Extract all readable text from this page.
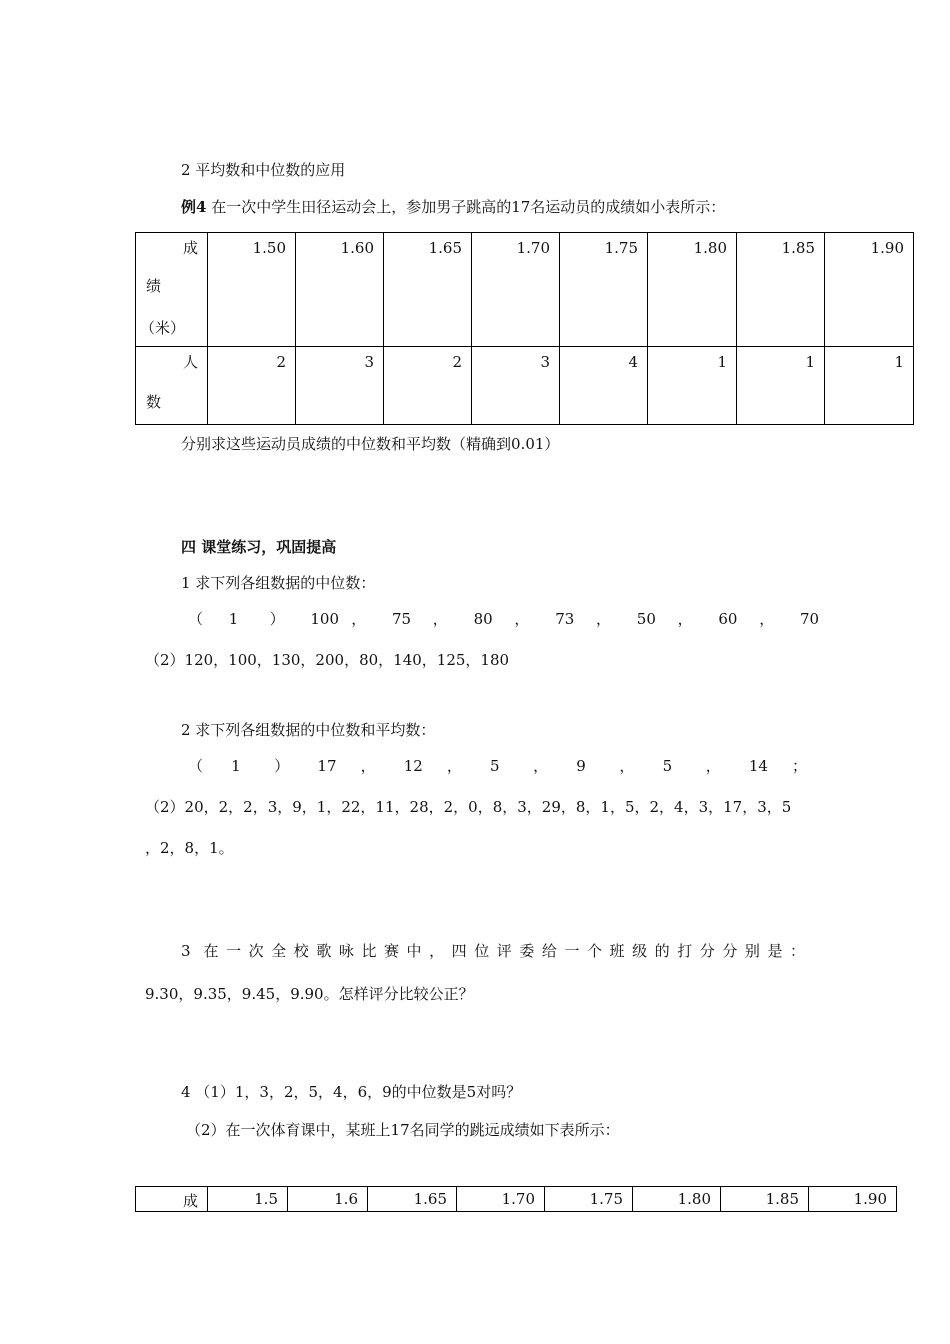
2 平均数和中位数的应用
例4 在一次中学生田径运动会上，参加男子跳高的17名运动员的成绩如小表所示：
成
绩
（米）	1.50	1.60	1.65	1.70	1.75	1.80	1.85	1.90

人
数	2	3	2	3	4	1	1	1
分别求这些运动员成绩的中位数和平均数（精确到0.01）
四 课堂练习，巩固提高
1 求下列各组数据的中位数：
（ 1 ） 100 ， 75 ， 80 ， 73 ， 50 ， 60 ， 70
（2）120，100，130，200，80，140，125，180
2 求下列各组数据的中位数和平均数：
（ 1 ） 17 ， 12 ， 5 ， 9 ， 5 ， 14 ；
（2）20，2，2，3，9，1，22，11，28，2，0，8，3，29，8，1，5，2，4，3，17，3，5
，2，8，1。
3 在 一 次 全 校 歌 咏 比 赛 中 ， 四 位 评 委 给 一 个 班 级 的 打 分 分 别 是 ：
9.30，9.35，9.45，9.90。怎样评分比较公正？
4 （1）1，3，2，5，4，6，9的中位数是5对吗？
（2）在一次体育课中，某班上17名同学的跳远成绩如下表所示：
成	1.5	1.6	1.65	1.70	1.75	1.80	1.85	1.90
